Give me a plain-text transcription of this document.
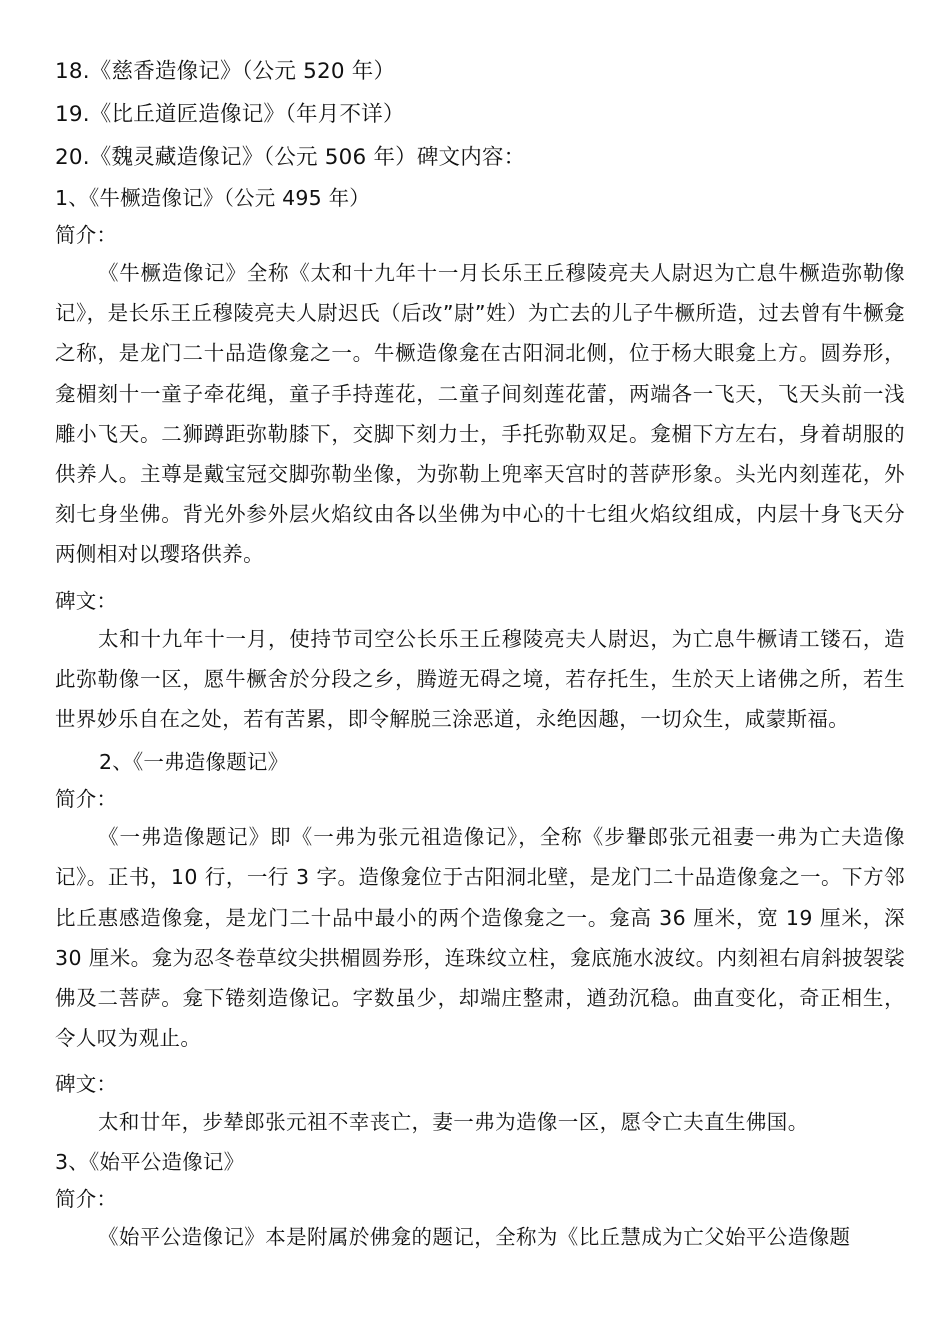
18.《慈香造像记》（公元 520 年）
19.《比丘道匠造像记》（年月不详）
20.《魏灵藏造像记》（公元 506 年）碑文内容：
1、《牛橛造像记》（公元 495 年）
简介：

《牛橛造像记》全称《太和十九年十一月长乐王丘穆陵亮夫人尉迟为亡息牛橛造弥勒像记》，是长乐王丘穆陵亮夫人尉迟氏（后改”尉”姓）为亡去的儿子牛橛所造，过去曾有牛橛龛之称，是龙门二十品造像龛之一。牛橛造像龛在古阳洞北侧，位于杨大眼龛上方。圆券形，龛楣刻十一童子牵花绳，童子手持莲花，二童子间刻莲花蕾，两端各一飞天，飞天头前一浅雕小飞天。二狮蹲距弥勒膝下，交脚下刻力士，手托弥勒双足。龛楣下方左右，身着胡服的供养人。主尊是戴宝冠交脚弥勒坐像，为弥勒上兜率天宫时的菩萨形象。头光内刻莲花，外刻七身坐佛。背光外参外层火焰纹由各以坐佛为中心的十七组火焰纹组成，内层十身飞天分两侧相对以璎珞供养。

碑文：

太和十九年十一月，使持节司空公长乐王丘穆陵亮夫人尉迟，为亡息牛橛请工镂石，造此弥勒像一区，愿牛橛舍於分段之乡，腾遊无碍之境，若存托生，生於天上诸佛之所，若生世界妙乐自在之处，若有苦累，即令解脱三涂恶道，永绝因趣，一切众生，咸蒙斯福。

2、《一弗造像题记》
简介：

《一弗造像题记》即《一弗为张元祖造像记》，全称《步轝郎张元祖妻一弗为亡夫造像记》。正书，10 行，一行 3 字。造像龛位于古阳洞北壁，是龙门二十品造像龛之一。下方邻比丘惠感造像龛，是龙门二十品中最小的两个造像龛之一。龛高 36 厘米，宽 19 厘米，深 30 厘米。龛为忍冬卷草纹尖拱楣圆券形，连珠纹立柱，龛底施水波纹。内刻袒右肩斜披袈裟佛及二菩萨。龛下锩刻造像记。字数虽少，却端庄整肃，遒劲沉稳。曲直变化，奇正相生，令人叹为观止。

碑文：

太和廿年，步辇郎张元祖不幸丧亡，妻一弗为造像一区，愿令亡夫直生佛国。

3、《始平公造像记》
简介：

《始平公造像记》本是附属於佛龛的题记，全称为《比丘慧成为亡父始平公造像题
